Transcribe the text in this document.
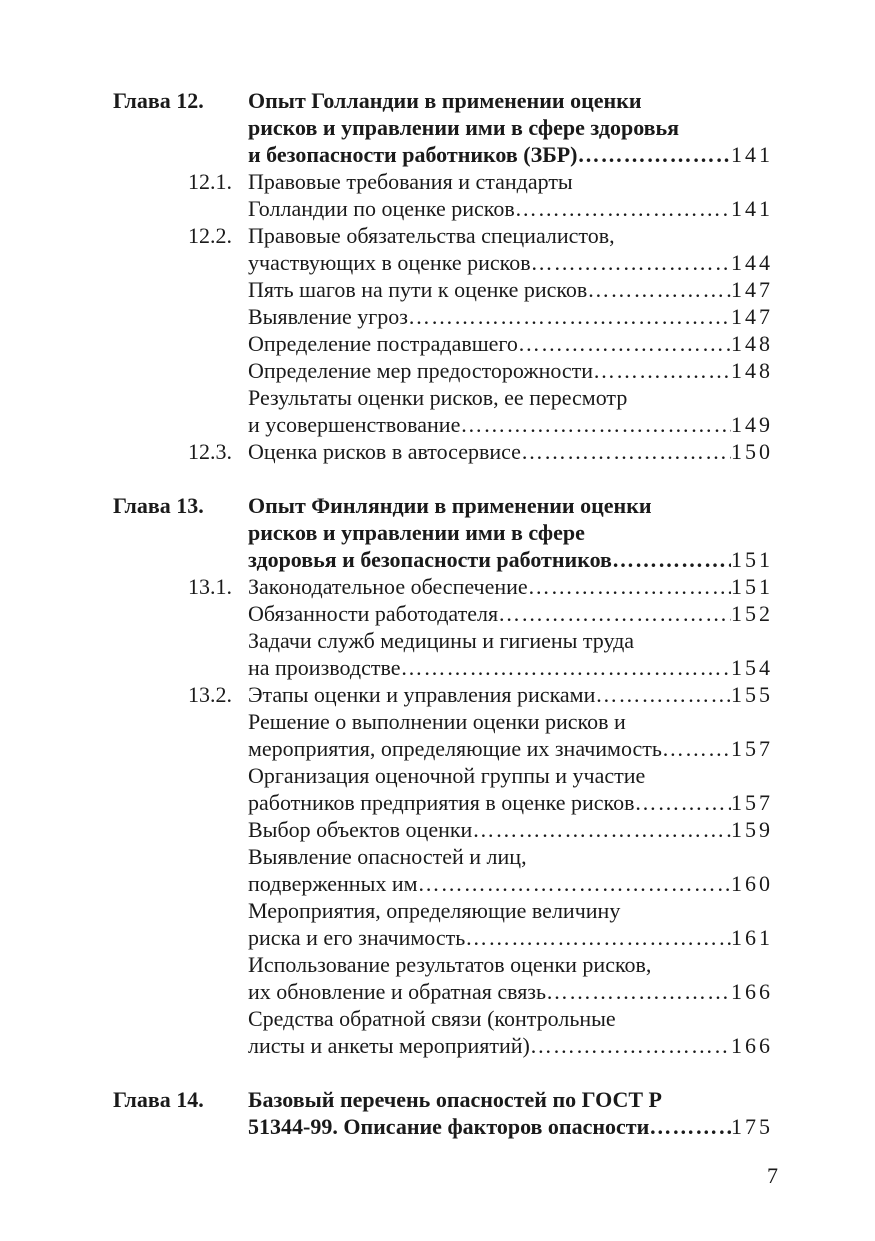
Глава 12. Опыт Голландии в применении оценки
рисков и управлении ими в сфере здоровья
и безопасности работников (ЗБР) ………………………………………………………………………………………………………………………………	141
12.1. Правовые требования и стандарты
Голландии по оценке рисков ………………………………………………………………………………………………………………………………	141
12.2. Правовые обязательства специалистов,
участвующих в оценке рисков ………………………………………………………………………………………………………………………………	144
Пять шагов на пути к оценке рисков ………………………………………………………………………………………………………………………………	147
Выявление угроз ………………………………………………………………………………………………………………………………	147
Определение пострадавшего ………………………………………………………………………………………………………………………………	148
Определение мер предосторожности ………………………………………………………………………………………………………………………………	148
Результаты оценки рисков, ее пересмотр
и усовершенствование ………………………………………………………………………………………………………………………………	149
12.3. Оценка рисков в автосервисе ………………………………………………………………………………………………………………………………	150
Глава 13. Опыт Финляндии в применении оценки
рисков и управлении ими в сфере
здоровья и безопасности работников ………………………………………………………………………………………………………………………………	151
13.1. Законодательное обеспечение ………………………………………………………………………………………………………………………………	151
Обязанности работодателя ………………………………………………………………………………………………………………………………	152
Задачи служб медицины и гигиены труда
на производстве ………………………………………………………………………………………………………………………………	154
13.2. Этапы оценки и управления рисками ………………………………………………………………………………………………………………………………	155
Решение о выполнении оценки рисков и
мероприятия, определяющие их значимость ………………………………………………………………………………………………………………………………	157
Организация оценочной группы и участие
работников предприятия в оценке рисков ………………………………………………………………………………………………………………………………	157
Выбор объектов оценки ………………………………………………………………………………………………………………………………	159
Выявление опасностей и лиц,
подверженных им ………………………………………………………………………………………………………………………………	160
Мероприятия, определяющие величину
риска и его значимость ………………………………………………………………………………………………………………………………	161
Использование результатов оценки рисков,
их обновление и обратная связь ………………………………………………………………………………………………………………………………	166
Средства обратной связи (контрольные
листы и анкеты мероприятий) ………………………………………………………………………………………………………………………………	166
Глава 14. Базовый перечень опасностей по ГОСТ Р
51344-99. Описание факторов опасности ………………………………………………………………………………………………………………………………	175
7
